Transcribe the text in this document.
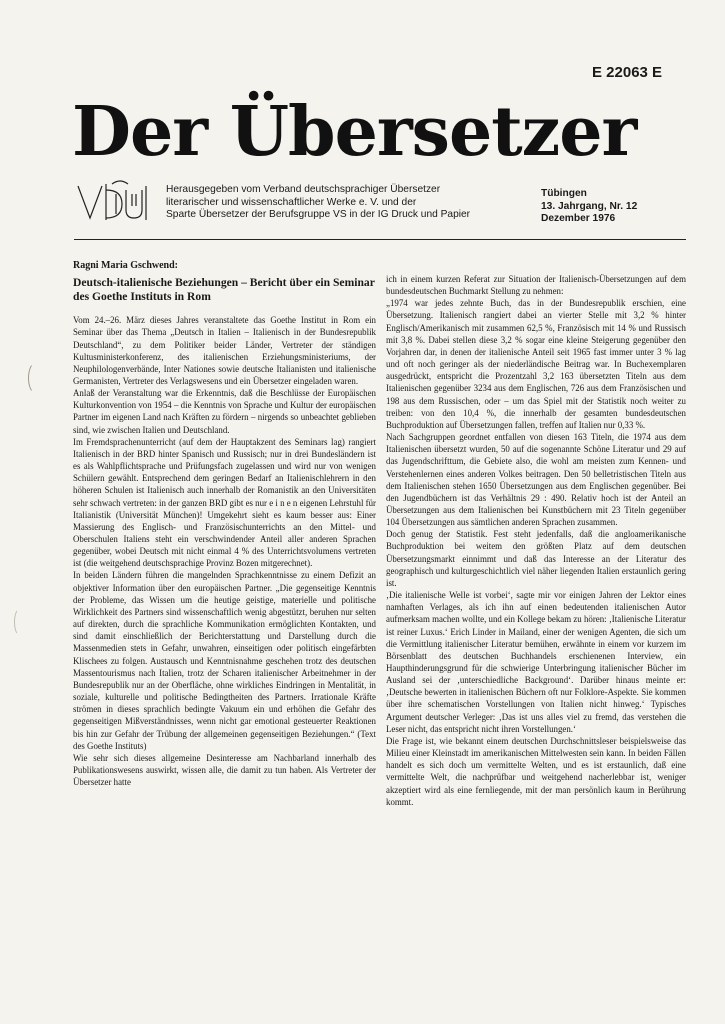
E 22063 E
Der Übersetzer
Herausgegeben vom Verband deutschsprachiger Übersetzer
literarischer und wissenschaftlicher Werke e. V. und der
Sparte Übersetzer der Berufsgruppe VS in der IG Druck und Papier
Tübingen
13. Jahrgang, Nr. 12
Dezember 1976
Ragni Maria Gschwend:
Deutsch-italienische Beziehungen – Bericht über ein Seminar des Goethe Instituts in Rom

Vom 24.–26. März dieses Jahres veranstaltete das Goethe Institut in Rom ein Seminar über das Thema „Deutsch in Italien – Italienisch in der Bundesrepublik Deutschland“, zu dem Politiker beider Länder, Vertreter der ständigen Kultusministerkonferenz, des italienischen Erziehungsministeriums, der Neuphilologenverbände, Inter Nationes sowie deutsche Italianisten und italienische Germanisten, Vertreter des Verlagswesens und ein Übersetzer eingeladen waren.

Anlaß der Veranstaltung war die Erkenntnis, daß die Beschlüsse der Europäischen Kulturkonvention von 1954 – die Kenntnis von Sprache und Kultur der europäischen Partner im eigenen Land nach Kräften zu fördern – nirgends so unbeachtet geblieben sind, wie zwischen Italien und Deutschland.

Im Fremdsprachenunterricht (auf dem der Hauptakzent des Seminars lag) rangiert Italienisch in der BRD hinter Spanisch und Russisch; nur in drei Bundesländern ist es als Wahlpflichtsprache und Prüfungsfach zugelassen und wird nur von wenigen Schülern gewählt. Entsprechend dem geringen Bedarf an Italienischlehrern in den höheren Schulen ist Italienisch auch innerhalb der Romanistik an den Universitäten sehr schwach vertreten: in der ganzen BRD gibt es nur e i n e n eigenen Lehrstuhl für Italianistik (Universität München)! Umgekehrt sieht es kaum besser aus: Einer Massierung des Englisch- und Französischunterrichts an den Mittel- und Oberschulen Italiens steht ein verschwindender Anteil aller anderen Sprachen gegenüber, wobei Deutsch mit nicht einmal 4 % des Unterrichtsvolumens vertreten ist (die weitgehend deutschsprachige Provinz Bozen mitgerechnet).

In beiden Ländern führen die mangelnden Sprachkenntnisse zu einem Defizit an objektiver Information über den europäischen Partner. „Die gegenseitige Kenntnis der Probleme, das Wissen um die heutige geistige, materielle und politische Wirklichkeit des Partners sind wissenschaftlich wenig abgestützt, beruhen nur selten auf direkten, durch die sprachliche Kommunikation ermöglichten Kontakten, und sind damit einschließlich der Berichterstattung und Darstellung durch die Massenmedien stets in Gefahr, unwahren, einseitigen oder politisch eingefärbten Klischees zu folgen. Austausch und Kenntnisnahme geschehen trotz des deutschen Massentourismus nach Italien, trotz der Scharen italienischer Arbeitnehmer in der Bundesrepublik nur an der Oberfläche, ohne wirkliches Eindringen in Mentalität, in soziale, kulturelle und politische Bedingtheiten des Partners. Irrationale Kräfte strömen in dieses sprachlich bedingte Vakuum ein und erhöhen die Gefahr des gegenseitigen Mißverständnisses, wenn nicht gar emotional gesteuerter Reaktionen bis hin zur Gefahr der Trübung der allgemeinen gegenseitigen Beziehungen.“ (Text des Goethe Instituts)

Wie sehr sich dieses allgemeine Desinteresse am Nachbarland innerhalb des Publikationswesens auswirkt, wissen alle, die damit zu tun haben. Als Vertreter der Übersetzer hatte

ich in einem kurzen Referat zur Situation der Italienisch-Übersetzungen auf dem bundesdeutschen Buchmarkt Stellung zu nehmen:

„1974 war jedes zehnte Buch, das in der Bundesrepublik erschien, eine Übersetzung. Italienisch rangiert dabei an vierter Stelle mit 3,2 % hinter Englisch/Amerikanisch mit zusammen 62,5 %, Französisch mit 14 % und Russisch mit 3,8 %. Dabei stellen diese 3,2 % sogar eine kleine Steigerung gegenüber den Vorjahren dar, in denen der italienische Anteil seit 1965 fast immer unter 3 % lag und oft noch geringer als der niederländische Beitrag war. In Buchexemplaren ausgedrückt, entspricht die Prozentzahl 3,2 163 übersetzten Titeln aus dem Italienischen gegenüber 3234 aus dem Englischen, 726 aus dem Französischen und 198 aus dem Russischen, oder – um das Spiel mit der Statistik noch weiter zu treiben: von den 10,4 %, die innerhalb der gesamten bundesdeutschen Buchproduktion auf Übersetzungen fallen, treffen auf Italien nur 0,33 %.

Nach Sachgruppen geordnet entfallen von diesen 163 Titeln, die 1974 aus dem Italienischen übersetzt wurden, 50 auf die sogenannte Schöne Literatur und 29 auf das Jugendschrifttum, die Gebiete also, die wohl am meisten zum Kennen- und Verstehenlernen eines anderen Volkes beitragen. Den 50 belletristischen Titeln aus dem Italienischen stehen 1650 Übersetzungen aus dem Englischen gegenüber. Bei den Jugendbüchern ist das Verhältnis 29 : 490. Relativ hoch ist der Anteil an Übersetzungen aus dem Italienischen bei Kunstbüchern mit 23 Titeln gegenüber 104 Übersetzungen aus sämtlichen anderen Sprachen zusammen.

Doch genug der Statistik. Fest steht jedenfalls, daß die angloamerikanische Buchproduktion bei weitem den größten Platz auf dem deutschen Übersetzungsmarkt einnimmt und daß das Interesse an der Literatur des geographisch und kulturgeschichtlich viel näher liegenden Italien erstaunlich gering ist.

‚Die italienische Welle ist vorbei‘, sagte mir vor einigen Jahren der Lektor eines namhaften Verlages, als ich ihn auf einen bedeutenden italienischen Autor aufmerksam machen wollte, und ein Kollege bekam zu hören: ‚Italienische Literatur ist reiner Luxus.‘ Erich Linder in Mailand, einer der wenigen Agenten, die sich um die Vermittlung italienischer Literatur bemühen, erwähnte in einem vor kurzem im Börsenblatt des deutschen Buchhandels erschienenen Interview, ein Haupthinderungsgrund für die schwierige Unterbringung italienischer Bücher im Ausland sei der ‚unterschiedliche Background‘. Darüber hinaus meinte er: ‚Deutsche bewerten in italienischen Büchern oft nur Folklore-Aspekte. Sie kommen über ihre schematischen Vorstellungen von Italien nicht hinweg.‘ Typisches Argument deutscher Verleger: ‚Das ist uns alles viel zu fremd, das verstehen die Leser nicht, das entspricht nicht ihren Vorstellungen.‘

Die Frage ist, wie bekannt einem deutschen Durchschnittsleser beispielsweise das Milieu einer Kleinstadt im amerikanischen Mittelwesten sein kann. In beiden Fällen handelt es sich doch um vermittelte Welten, und es ist erstaunlich, daß eine vermittelte Welt, die nachprüfbar und weitgehend nacherlebbar ist, weniger akzeptiert wird als eine fernliegende, mit der man persönlich kaum in Berührung kommt.
